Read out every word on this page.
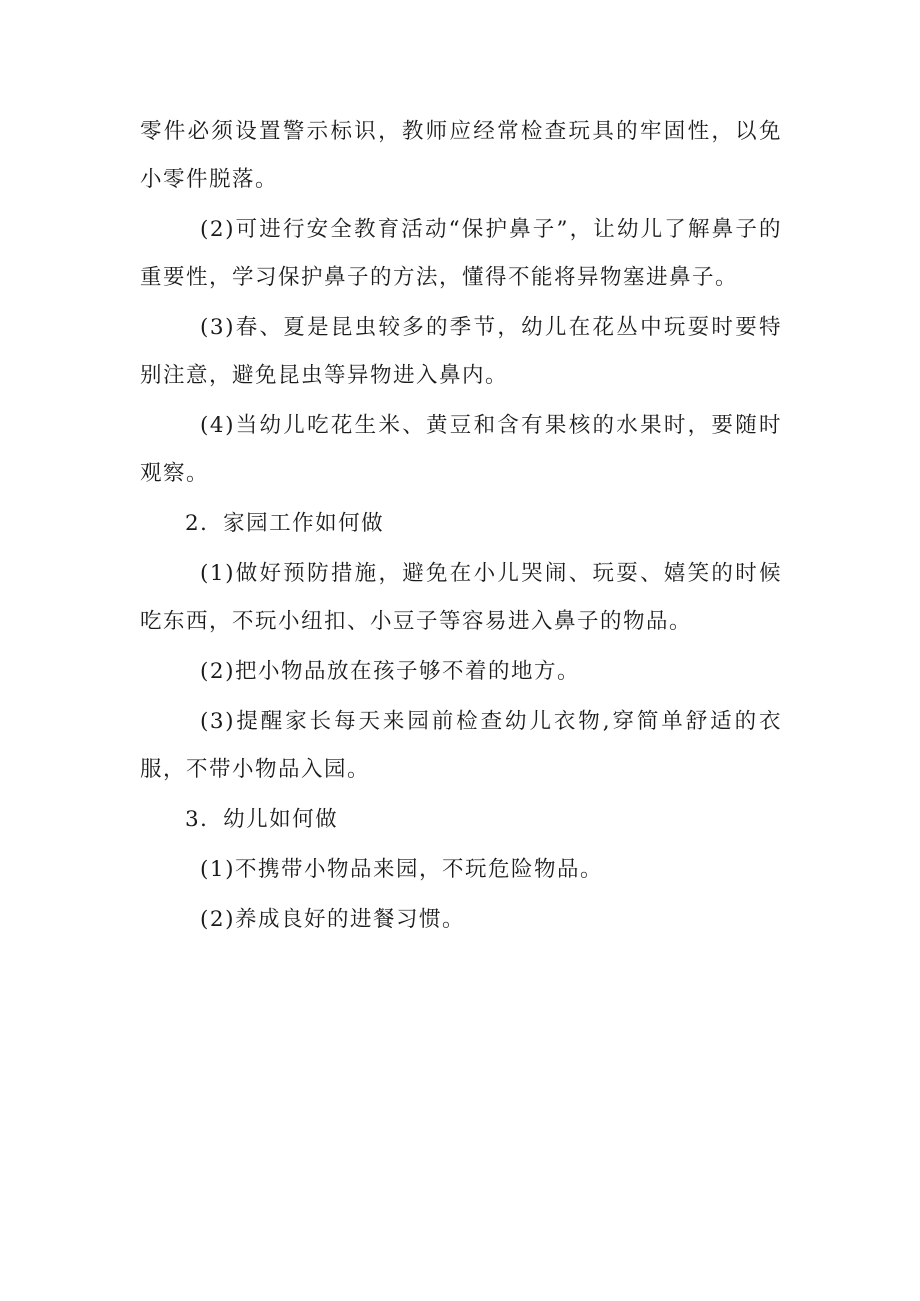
零件必须设置警示标识，教师应经常检查玩具的牢固性，以免小零件脱落。

(2)可进行安全教育活动“保护鼻子”，让幼儿了解鼻子的重要性，学习保护鼻子的方法，懂得不能将异物塞进鼻子。

(3)春、夏是昆虫较多的季节，幼儿在花丛中玩耍时要特别注意，避免昆虫等异物进入鼻内。

(4)当幼儿吃花生米、黄豆和含有果核的水果时，要随时观察。

2．家园工作如何做

(1)做好预防措施，避免在小儿哭闹、玩耍、嬉笑的时候吃东西，不玩小纽扣、小豆子等容易进入鼻子的物品。

(2)把小物品放在孩子够不着的地方。

(3)提醒家长每天来园前检查幼儿衣物,穿简单舒适的衣服，不带小物品入园。

3．幼儿如何做

(1)不携带小物品来园，不玩危险物品。

(2)养成良好的进餐习惯。
